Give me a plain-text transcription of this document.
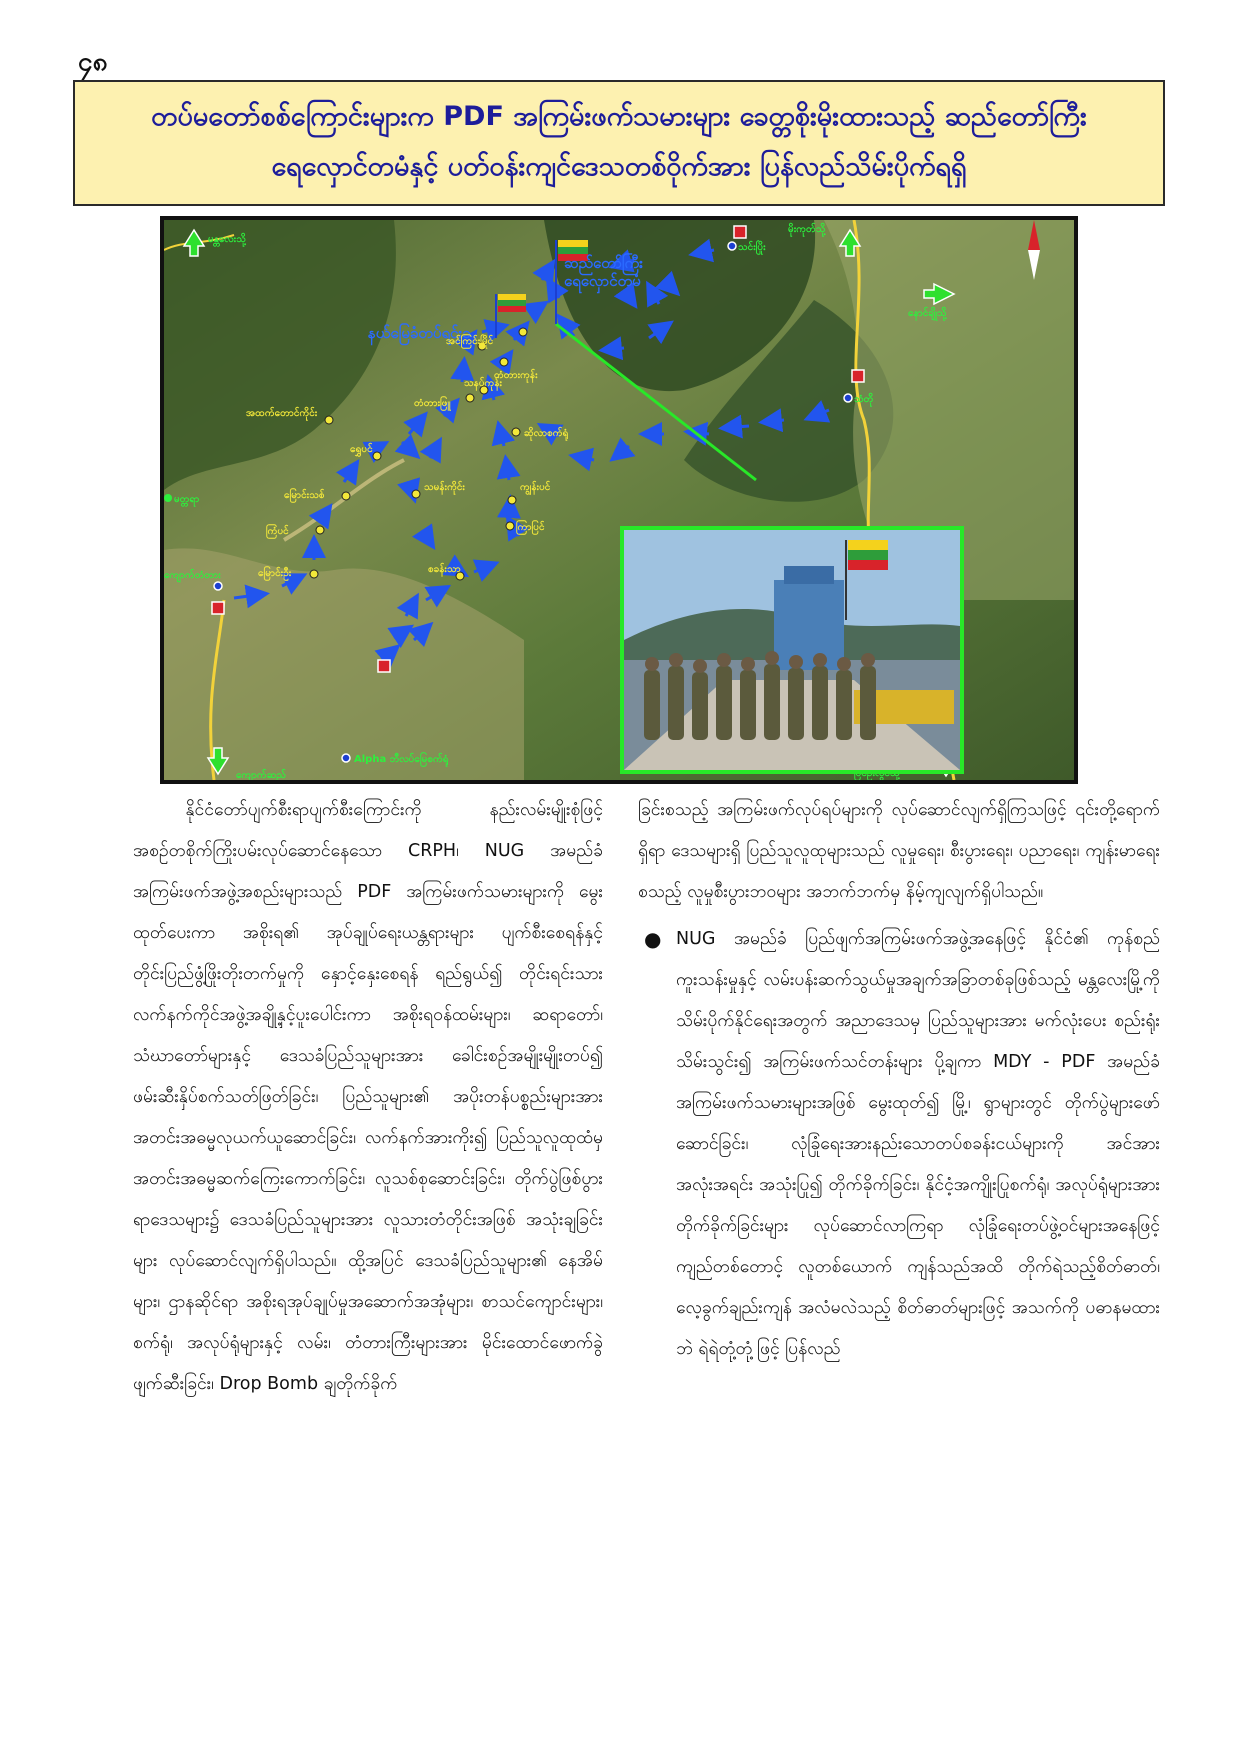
၄၈
တပ်မတော်စစ်ကြောင်းများက PDF အကြမ်းဖက်သမားများ ခေတ္တစိုးမိုးထားသည့် ဆည်တော်ကြီး
ရေလှောင်တမံနှင့် ပတ်ဝန်းကျင်ဒေသတစ်ဝိုက်အား ပြန်လည်သိမ်းပိုက်ရရှိ
ဆည်တော်ကြီး
ရေလှောင်တမံ
နယ်မြေခံတပ်ရင်း၁
မန္တလေးသို့
မိုးကုတ်သို့
နောင်ချိုသို့
မတ္တရာ
ကျောက်တံတား
Alpha ဘီလပ်မြေစက်ရုံ
သင်းပြိုး
သံတို
ကျောက်ဆည်
အင်ကြင်းမြိုင်
တံတားကုန်း
သနပ်ကုန်း
တံတားဖြူ
အထက်တောင်ကိုင်း
ရွှေပင်
ဆိုလာစက်ရုံ
သမန်းကိုင်း	ကျွန်းပင်
မြောင်းသစ်
ကြာပြင်
ကြံပင်
စခန်းသာ
မြောင်းဦး

နိုင်ငံတော်ပျက်စီးရာပျက်စီးကြောင်းကို နည်းလမ်းမျိုးစုံဖြင့် အစဉ်တစိုက်ကြိုးပမ်းလုပ်ဆောင်နေသော CRPH၊ NUG အမည်ခံအကြမ်းဖက်အဖွဲ့အစည်းများသည် PDF အကြမ်းဖက်သမားများကို မွေးထုတ်ပေးကာ အစိုးရ၏ အုပ်ချုပ်ရေးယန္တရားများ ပျက်စီးစေရန်နှင့် တိုင်းပြည်ဖွံ့ဖြိုးတိုးတက်မှုကို နှောင့်နှေးစေရန် ရည်ရွယ်၍ တိုင်းရင်းသားလက်နက်ကိုင်အဖွဲ့အချို့နှင့်ပူးပေါင်းကာ အစိုးရဝန်ထမ်းများ၊ ဆရာတော်၊ သံဃာတော်များနှင့် ဒေသခံပြည်သူများအား ခေါင်းစဉ်အမျိုးမျိုးတပ်၍ ဖမ်းဆီးနှိပ်စက်သတ်ဖြတ်ခြင်း၊ ပြည်သူများ၏ အပိုးတန်ပစ္စည်းများအား အတင်းအဓမ္မလုယက်ယူဆောင်ခြင်း၊ လက်နက်အားကိုး၍ ပြည်သူလူထုထံမှ အတင်းအဓမ္မဆက်ကြေးကောက်ခြင်း၊ လူသစ်စုဆောင်းခြင်း၊ တိုက်ပွဲဖြစ်ပွားရာဒေသများ၌ ဒေသခံပြည်သူများအား လူသားတံတိုင်းအဖြစ် အသုံးချခြင်းများ လုပ်ဆောင်လျက်ရှိပါသည်။ ထို့အပြင် ဒေသခံပြည်သူများ၏ နေအိမ်များ၊ ဌာနဆိုင်ရာ အစိုးရအုပ်ချုပ်မှုအဆောက်အအုံများ၊ စာသင်ကျောင်းများ၊ စက်ရုံ၊ အလုပ်ရုံများနှင့် လမ်း၊ တံတားကြီးများအား မိုင်းထောင်ဖောက်ခွဲဖျက်ဆီးခြင်း၊ Drop Bomb ချတိုက်ခိုက်

ခြင်းစသည့် အကြမ်းဖက်လုပ်ရပ်များကို လုပ်ဆောင်လျက်ရှိကြသဖြင့် ၎င်းတို့ရောက်ရှိရာ ဒေသများရှိ ပြည်သူလူထုများသည် လူမှုရေး၊ စီးပွားရေး၊ ပညာရေး၊ ကျန်းမာရေးစသည့် လူမှုစီးပွားဘဝများ အဘက်ဘက်မှ နိမ့်ကျလျက်ရှိပါသည်။

● NUG အမည်ခံ ပြည်ဖျက်အကြမ်းဖက်အဖွဲ့အနေဖြင့် နိုင်ငံ၏ ကုန်စည်ကူးသန်းမှုနှင့် လမ်းပန်းဆက်သွယ်မှုအချက်အခြာတစ်ခုဖြစ်သည့် မန္တလေးမြို့ကို သိမ်းပိုက်နိုင်ရေးအတွက် အညာဒေသမှ ပြည်သူများအား မက်လုံးပေး စည်းရုံးသိမ်းသွင်း၍ အကြမ်းဖက်သင်တန်းများ ပို့ချကာ MDY - PDF အမည်ခံအကြမ်းဖက်သမားများအဖြစ် မွေးထုတ်၍ မြို့၊ ရွာများတွင် တိုက်ပွဲများဖော်ဆောင်ခြင်း၊ လုံခြုံရေးအားနည်းသောတပ်စခန်းငယ်များကို အင်အားအလုံးအရင်း အသုံးပြု၍ တိုက်ခိုက်ခြင်း၊ နိုင်ငံ့အကျိုးပြုစက်ရုံ၊ အလုပ်ရုံများအား တိုက်ခိုက်ခြင်းများ လုပ်ဆောင်လာကြရာ လုံခြုံရေးတပ်ဖွဲ့ဝင်များအနေဖြင့် ကျည်တစ်တောင့် လူတစ်ယောက် ကျန်သည်အထိ တိုက်ရဲသည့်စိတ်ဓာတ်၊ လေ့ခွက်ချည်းကျန် အလံမလဲသည့် စိတ်ဓာတ်များဖြင့် အသက်ကို ပဓာနမထားဘဲ ရဲရဲတုံ့တုံ့ဖြင့် ပြန်လည်
